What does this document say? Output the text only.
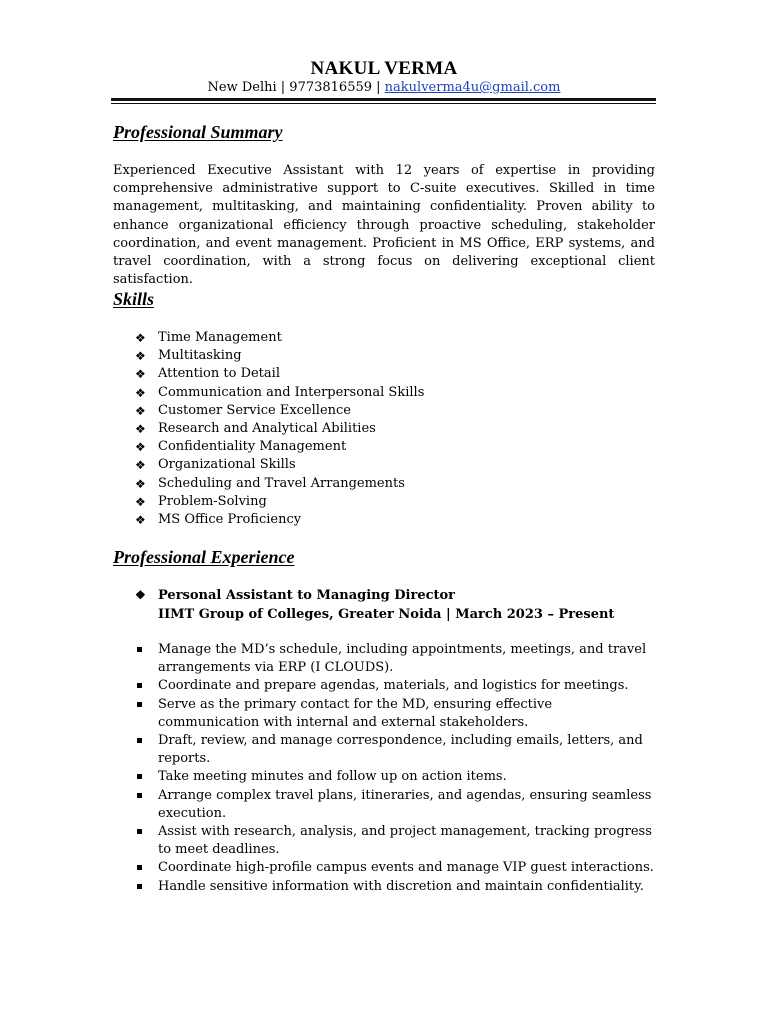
NAKUL VERMA
New Delhi | 9773816559 | nakulverma4u@gmail.com
Professional Summary
Experienced Executive Assistant with 12 years of expertise in providing comprehensive administrative support to C-suite executives. Skilled in time management, multitasking, and maintaining confidentiality. Proven ability to enhance organizational efficiency through proactive scheduling, stakeholder coordination, and event management. Proficient in MS Office, ERP systems, and travel coordination, with a strong focus on delivering exceptional client satisfaction.
Skills
❖ Time Management
❖ Multitasking
❖ Attention to Detail
❖ Communication and Interpersonal Skills
❖ Customer Service Excellence
❖ Research and Analytical Abilities
❖ Confidentiality Management
❖ Organizational Skills
❖ Scheduling and Travel Arrangements
❖ Problem-Solving
❖ MS Office Proficiency
Professional Experience
❖ Personal Assistant to Managing Director
IIMT Group of Colleges, Greater Noida | March 2023 – Present
Manage the MD’s schedule, including appointments, meetings, and travel arrangements via ERP (I CLOUDS).
Coordinate and prepare agendas, materials, and logistics for meetings.
Serve as the primary contact for the MD, ensuring effective communication with internal and external stakeholders.
Draft, review, and manage correspondence, including emails, letters, and reports.
Take meeting minutes and follow up on action items.
Arrange complex travel plans, itineraries, and agendas, ensuring seamless execution.
Assist with research, analysis, and project management, tracking progress to meet deadlines.
Coordinate high-profile campus events and manage VIP guest interactions.
Handle sensitive information with discretion and maintain confidentiality.
